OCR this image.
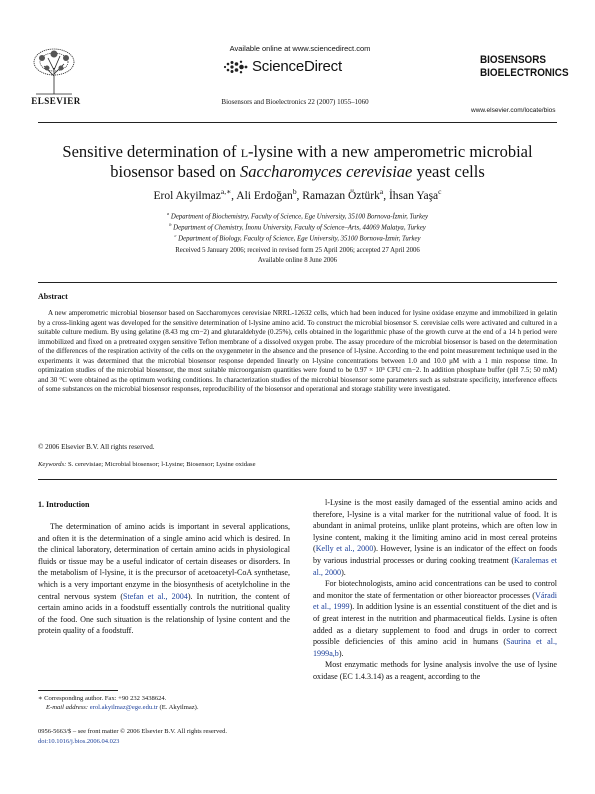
Available online at www.sciencedirect.com
ScienceDirect
Biosensors and Bioelectronics 22 (2007) 1055–1060
ELSEVIER
BIOSENSORS
BIOELECTRONICS
www.elsevier.com/locate/bios
Sensitive determination of l-lysine with a new amperometric microbial
biosensor based on Saccharomyces cerevisiae yeast cells
Erol Akyilmaz$^{a,∗}$, Ali Erdoğan$^b$, Ramazan Öztürk$^a$, İhsan Yaşa$^c$
$^a$ Department of Biochemistry, Faculty of Science, Ege University, 35100 Bornova-İzmir, Turkey
$^b$ Department of Chemistry, İnonu University, Faculty of Science–Arts, 44069 Malatya, Turkey
$^c$ Department of Biology, Faculty of Science, Ege University, 35100 Bornova-İzmir, Turkey
Received 5 January 2006; received in revised form 25 April 2006; accepted 27 April 2006
Available online 8 June 2006
Abstract
A new amperometric microbial biosensor based on Saccharomyces cerevisiae NRRL-12632 cells, which had been induced for lysine oxidase enzyme and immobilized in gelatin by a cross-linking agent was developed for the sensitive determination of l-lysine amino acid. To construct the microbial biosensor S. cerevisiae cells were activated and cultured in a suitable culture medium. By using gelatine (8.43 mg cm−2) and glutaraldehyde (0.25%), cells obtained in the logarithmic phase of the growth curve at the end of a 14 h period were immobilized and fixed on a pretreated oxygen sensitive Teflon membrane of a dissolved oxygen probe. The assay procedure of the microbial biosensor is based on the determination of the differences of the respiration activity of the cells on the oxygenmeter in the absence and the presence of l-lysine. According to the end point measurement technique used in the experiments it was determined that the microbial biosensor response depended linearly on l-lysine concentrations between 1.0 and 10.0 μM with a 1 min response time. In optimization studies of the microbial biosensor, the most suitable microorganism quantities were found to be 0.97 × 10⁵ CFU cm−2. In addition phosphate buffer (pH 7.5; 50 mM) and 30 °C were obtained as the optimum working conditions. In characterization studies of the microbial biosensor some parameters such as substrate specificity, interference effects of some substances on the microbial biosensor responses, reproducibility of the biosensor and operational and storage stability were investigated.
© 2006 Elsevier B.V. All rights reserved.
Keywords: S. cerevisiae; Microbial biosensor; l-Lysine; Biosensor; Lysine oxidase
1. Introduction

The determination of amino acids is important in several applications, and often it is the determination of a single amino acid which is desired. In the clinical laboratory, determination of certain amino acids in physiological fluids or tissue may be a useful indicator of certain diseases or disorders. In the metabolism of l-lysine, it is the precursor of acetoacetyl-CoA synthetase, which is a very important enzyme in the biosynthesis of acetylcholine in the central nervous system (Stefan et al., 2004). In nutrition, the content of certain amino acids in a foodstuff essentially controls the nutritional quality of the food. One such situation is the relationship of lysine content and the protein quality of a foodstuff.

l-Lysine is the most easily damaged of the essential amino acids and therefore, l-lysine is a vital marker for the nutritional value of food. It is abundant in animal proteins, unlike plant proteins, which are often low in lysine content, making it the limiting amino acid in most cereal proteins (Kelly et al., 2000). However, lysine is an indicator of the effect on foods by various industrial processes or during cooking treatment (Karalemas et al., 2000).

For biotechnologists, amino acid concentrations can be used to control and monitor the state of fermentation or other bioreactor processes (Váradi et al., 1999). In addition lysine is an essential constituent of the diet and is of great interest in the nutrition and pharmaceutical fields. Lysine is often added as a dietary supplement to food and drugs in order to correct possible deficiencies of this amino acid in humans (Saurina et al., 1999a,b).

Most enzymatic methods for lysine analysis involve the use of lysine oxidase (EC 1.4.3.14) as a reagent, according to the

∗ Corresponding author. Fax: +90 232 3438624.
E-mail address: erol.akyilmaz@ege.edu.tr (E. Akyilmaz).
0956-5663/$ – see front matter © 2006 Elsevier B.V. All rights reserved.
doi:10.1016/j.bios.2006.04.023
